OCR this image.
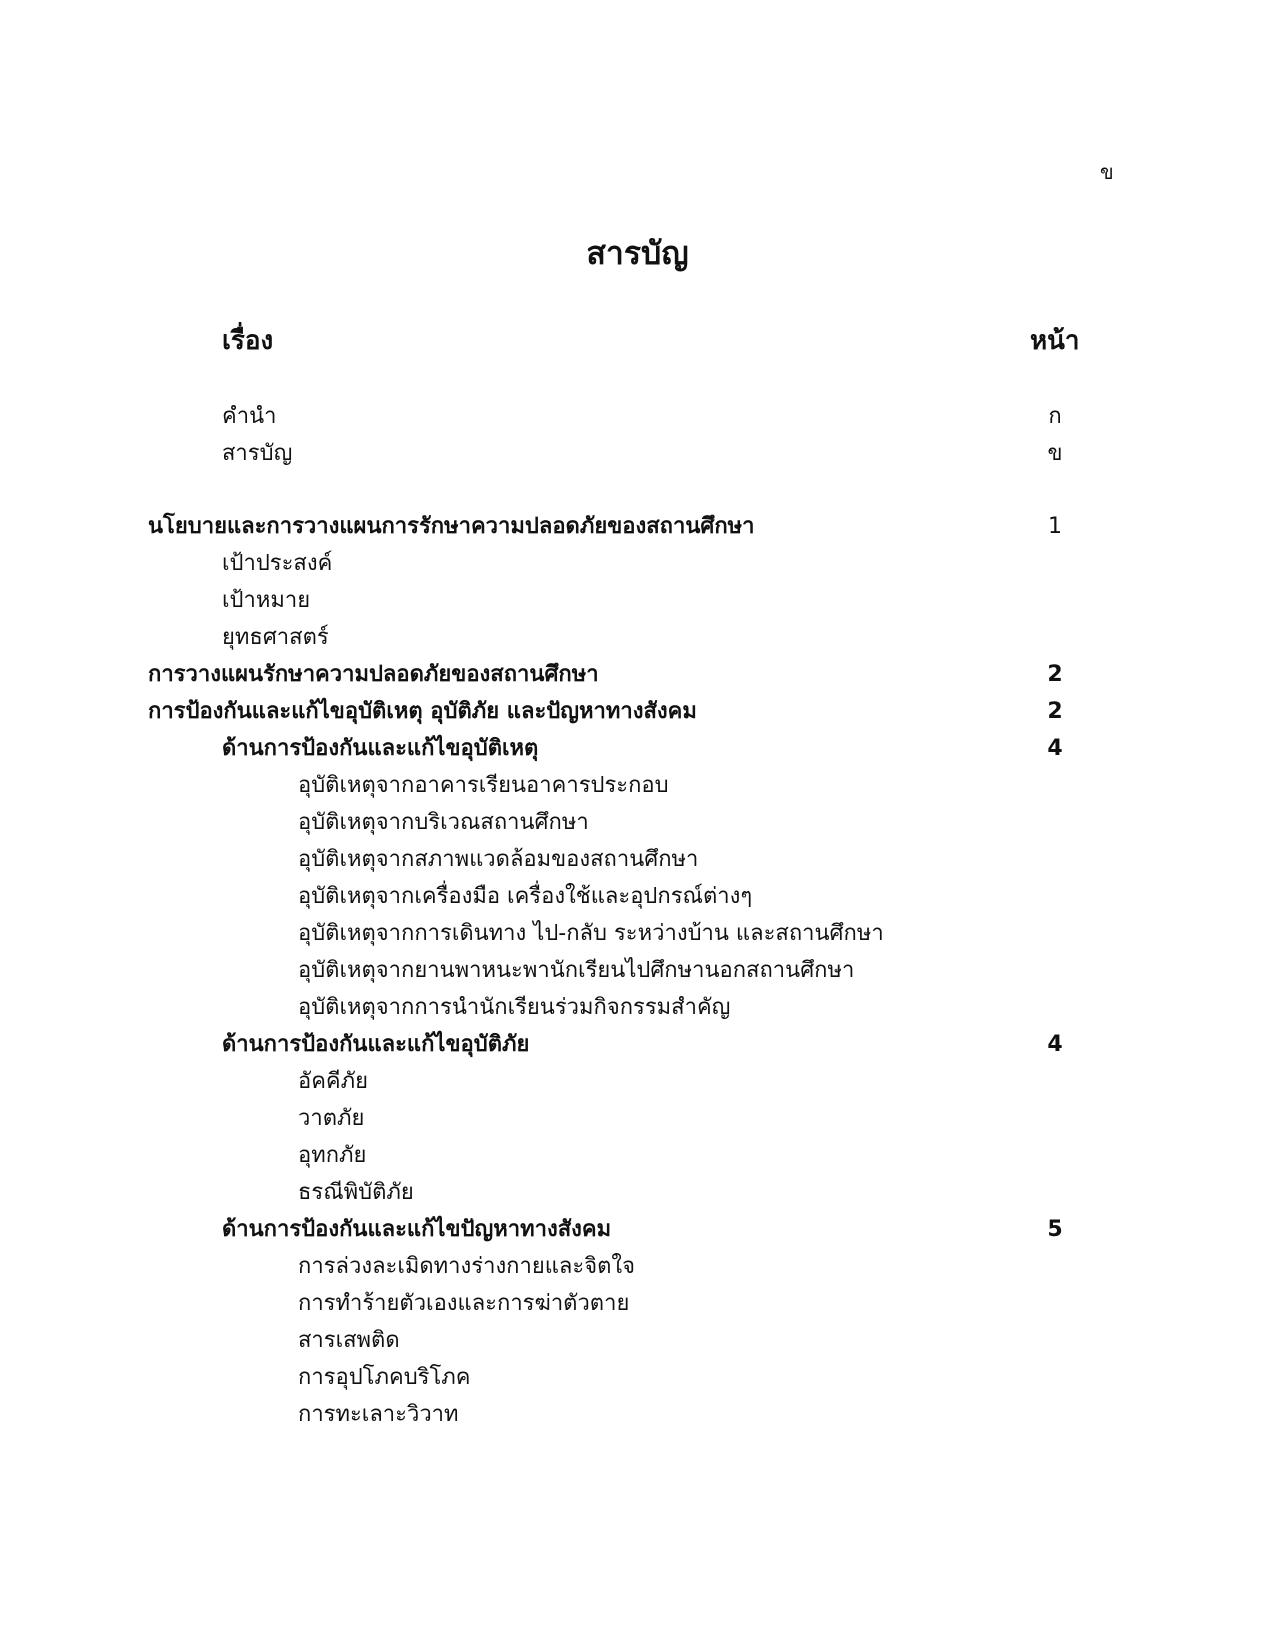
ข
สารบัญ
เรื่อง	หน้า
คำนำ	ก
สารบัญ	ข
นโยบายและการวางแผนการรักษาความปลอดภัยของสถานศึกษา	1
เป้าประสงค์
เป้าหมาย
ยุทธศาสตร์
การวางแผนรักษาความปลอดภัยของสถานศึกษา	2
การป้องกันและแก้ไขอุบัติเหตุ อุบัติภัย และปัญหาทางสังคม	2
ด้านการป้องกันและแก้ไขอุบัติเหตุ	4
อุบัติเหตุจากอาคารเรียนอาคารประกอบ
อุบัติเหตุจากบริเวณสถานศึกษา
อุบัติเหตุจากสภาพแวดล้อมของสถานศึกษา
อุบัติเหตุจากเครื่องมือ เครื่องใช้และอุปกรณ์ต่างๆ
อุบัติเหตุจากการเดินทาง ไป-กลับ ระหว่างบ้าน และสถานศึกษา
อุบัติเหตุจากยานพาหนะพานักเรียนไปศึกษานอกสถานศึกษา
อุบัติเหตุจากการนำนักเรียนร่วมกิจกรรมสำคัญ
ด้านการป้องกันและแก้ไขอุบัติภัย	4
อัคคีภัย
วาตภัย
อุทกภัย
ธรณีพิบัติภัย
ด้านการป้องกันและแก้ไขปัญหาทางสังคม	5
การล่วงละเมิดทางร่างกายและจิตใจ
การทำร้ายตัวเองและการฆ่าตัวตาย
สารเสพติด
การอุปโภคบริโภค
การทะเลาะวิวาท
